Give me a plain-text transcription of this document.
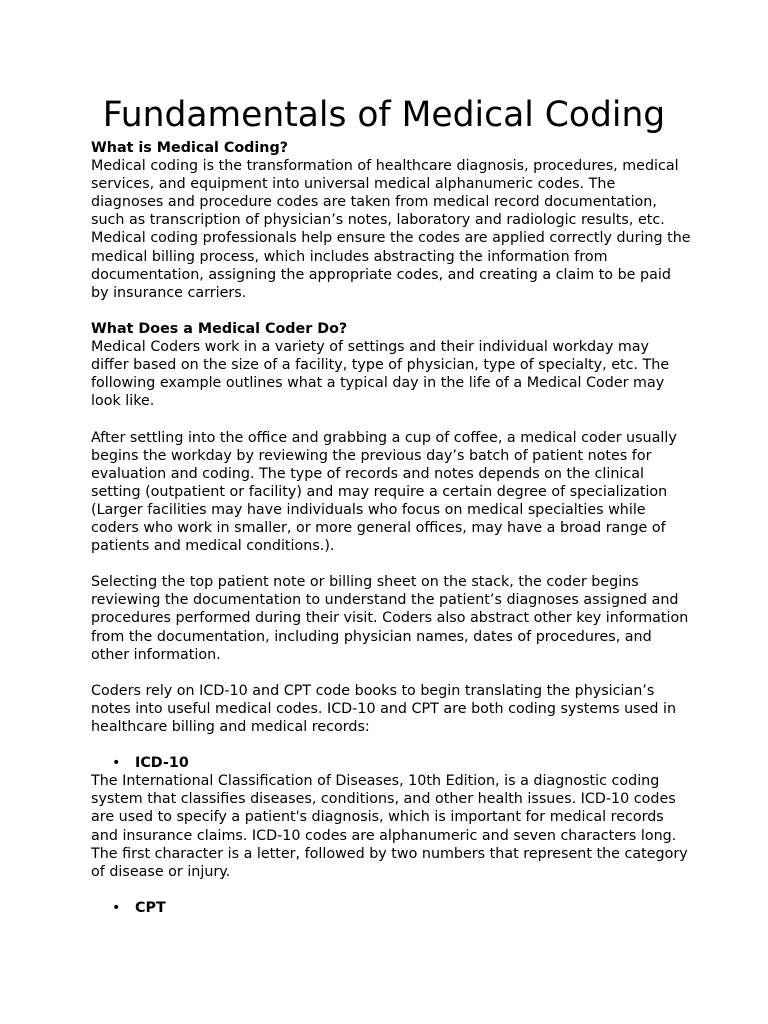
Fundamentals of Medical Coding

What is Medical Coding?

Medical coding is the transformation of healthcare diagnosis, procedures, medical services, and equipment into universal medical alphanumeric codes. The diagnoses and procedure codes are taken from medical record documentation, such as transcription of physician’s notes, laboratory and radiologic results, etc. Medical coding professionals help ensure the codes are applied correctly during the medical billing process, which includes abstracting the information from documentation, assigning the appropriate codes, and creating a claim to be paid by insurance carriers.

What Does a Medical Coder Do?

Medical Coders work in a variety of settings and their individual workday may differ based on the size of a facility, type of physician, type of specialty, etc. The following example outlines what a typical day in the life of a Medical Coder may look like.

After settling into the office and grabbing a cup of coffee, a medical coder usually begins the workday by reviewing the previous day’s batch of patient notes for evaluation and coding. The type of records and notes depends on the clinical setting (outpatient or facility) and may require a certain degree of specialization (Larger facilities may have individuals who focus on medical specialties while coders who work in smaller, or more general offices, may have a broad range of patients and medical conditions.).

Selecting the top patient note or billing sheet on the stack, the coder begins reviewing the documentation to understand the patient’s diagnoses assigned and procedures performed during their visit. Coders also abstract other key information from the documentation, including physician names, dates of procedures, and other information.

Coders rely on ICD-10 and CPT code books to begin translating the physician’s notes into useful medical codes. ICD-10 and CPT are both coding systems used in healthcare billing and medical records:

• ICD-10

The International Classification of Diseases, 10th Edition, is a diagnostic coding system that classifies diseases, conditions, and other health issues. ICD-10 codes are used to specify a patient's diagnosis, which is important for medical records and insurance claims. ICD-10 codes are alphanumeric and seven characters long. The first character is a letter, followed by two numbers that represent the category of disease or injury.

• CPT
